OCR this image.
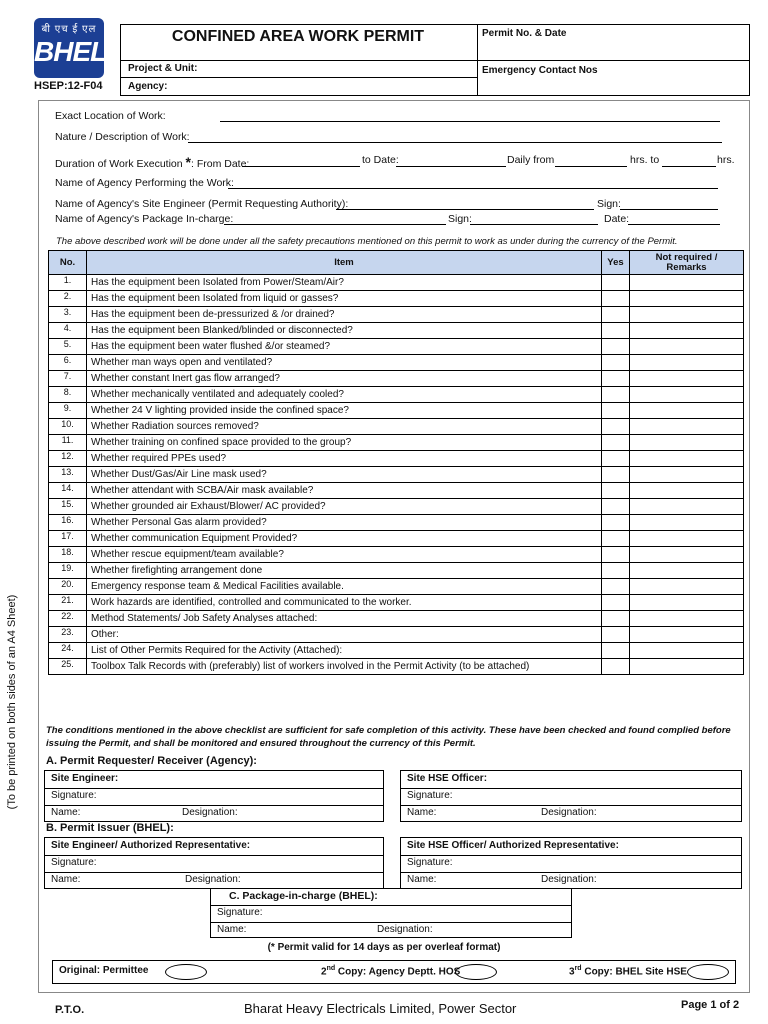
बी एच ई एल
BHEL
HSEP:12-F04
CONFINED AREA WORK PERMIT	Permit No. & Date
Project & Unit:	Emergency Contact Nos
Agency:
Exact Location of Work:
Nature / Description of Work:
Duration of Work Execution *: From Date:	to Date:	Daily from	hrs. to	hrs.
Name of Agency Performing the Work:
Name of Agency's Site Engineer (Permit Requesting Authority):	Sign:
Name of Agency's Package In-charge:	Sign:	Date:
The above described work will be done under all the safety precautions mentioned on this permit to work as under during the currency of the Permit.
No.	Item	Yes	Not required /
Remarks
1.	Has the equipment been Isolated from Power/Steam/Air?		
2.	Has the equipment been Isolated from liquid or gasses?		
3.	Has the equipment been de-pressurized & /or drained?		
4.	Has the equipment been Blanked/blinded or disconnected?		
5.	Has the equipment been water flushed &/or steamed?		
6.	Whether man ways open and ventilated?		
7.	Whether constant Inert gas flow arranged?		
8.	Whether mechanically ventilated and adequately cooled?		
9.	Whether 24 V lighting provided inside the confined space?		
10.	Whether Radiation sources removed?		
11.	Whether training on confined space provided to the group?		
12.	Whether required PPEs used?		
13.	Whether Dust/Gas/Air Line mask used?		
14.	Whether attendant with SCBA/Air mask available?		
15.	Whether grounded air Exhaust/Blower/ AC provided?		
16.	Whether Personal Gas alarm provided?		
17.	Whether communication Equipment Provided?		
18.	Whether rescue equipment/team available?		
19.	Whether firefighting arrangement done		
20.	Emergency response team & Medical Facilities available.		
21.	Work hazards are identified, controlled and communicated to the worker.		
22.	Method Statements/ Job Safety Analyses attached:		
23.	Other:		
24.	List of Other Permits Required for the Activity (Attached):		
25.	Toolbox Talk Records with (preferably) list of workers involved in the Permit Activity (to be attached)		
The conditions mentioned in the above checklist are sufficient for safe completion of this activity. These have been checked and found complied before issuing the Permit, and shall be monitored and ensured throughout the currency of this Permit.
A. Permit Requester/ Receiver (Agency):
Site Engineer:
Signature:
Name:	Designation:
Site HSE Officer:
Signature:
Name:	Designation:
B. Permit Issuer (BHEL):
Site Engineer/ Authorized Representative:
Signature:
Name:	Designation:
Site HSE Officer/ Authorized Representative:
Signature:
Name:	Designation:
C. Package-in-charge (BHEL):
Signature:
Name:	Designation:
(* Permit valid for 14 days as per overleaf format)
Original: Permittee	2nd Copy: Agency Deptt. HOS	3rd Copy: BHEL Site HSE
(To be printed on both sides of an A4 Sheet)
P.T.O.	Bharat Heavy Electricals Limited, Power Sector	Page 1 of 2
